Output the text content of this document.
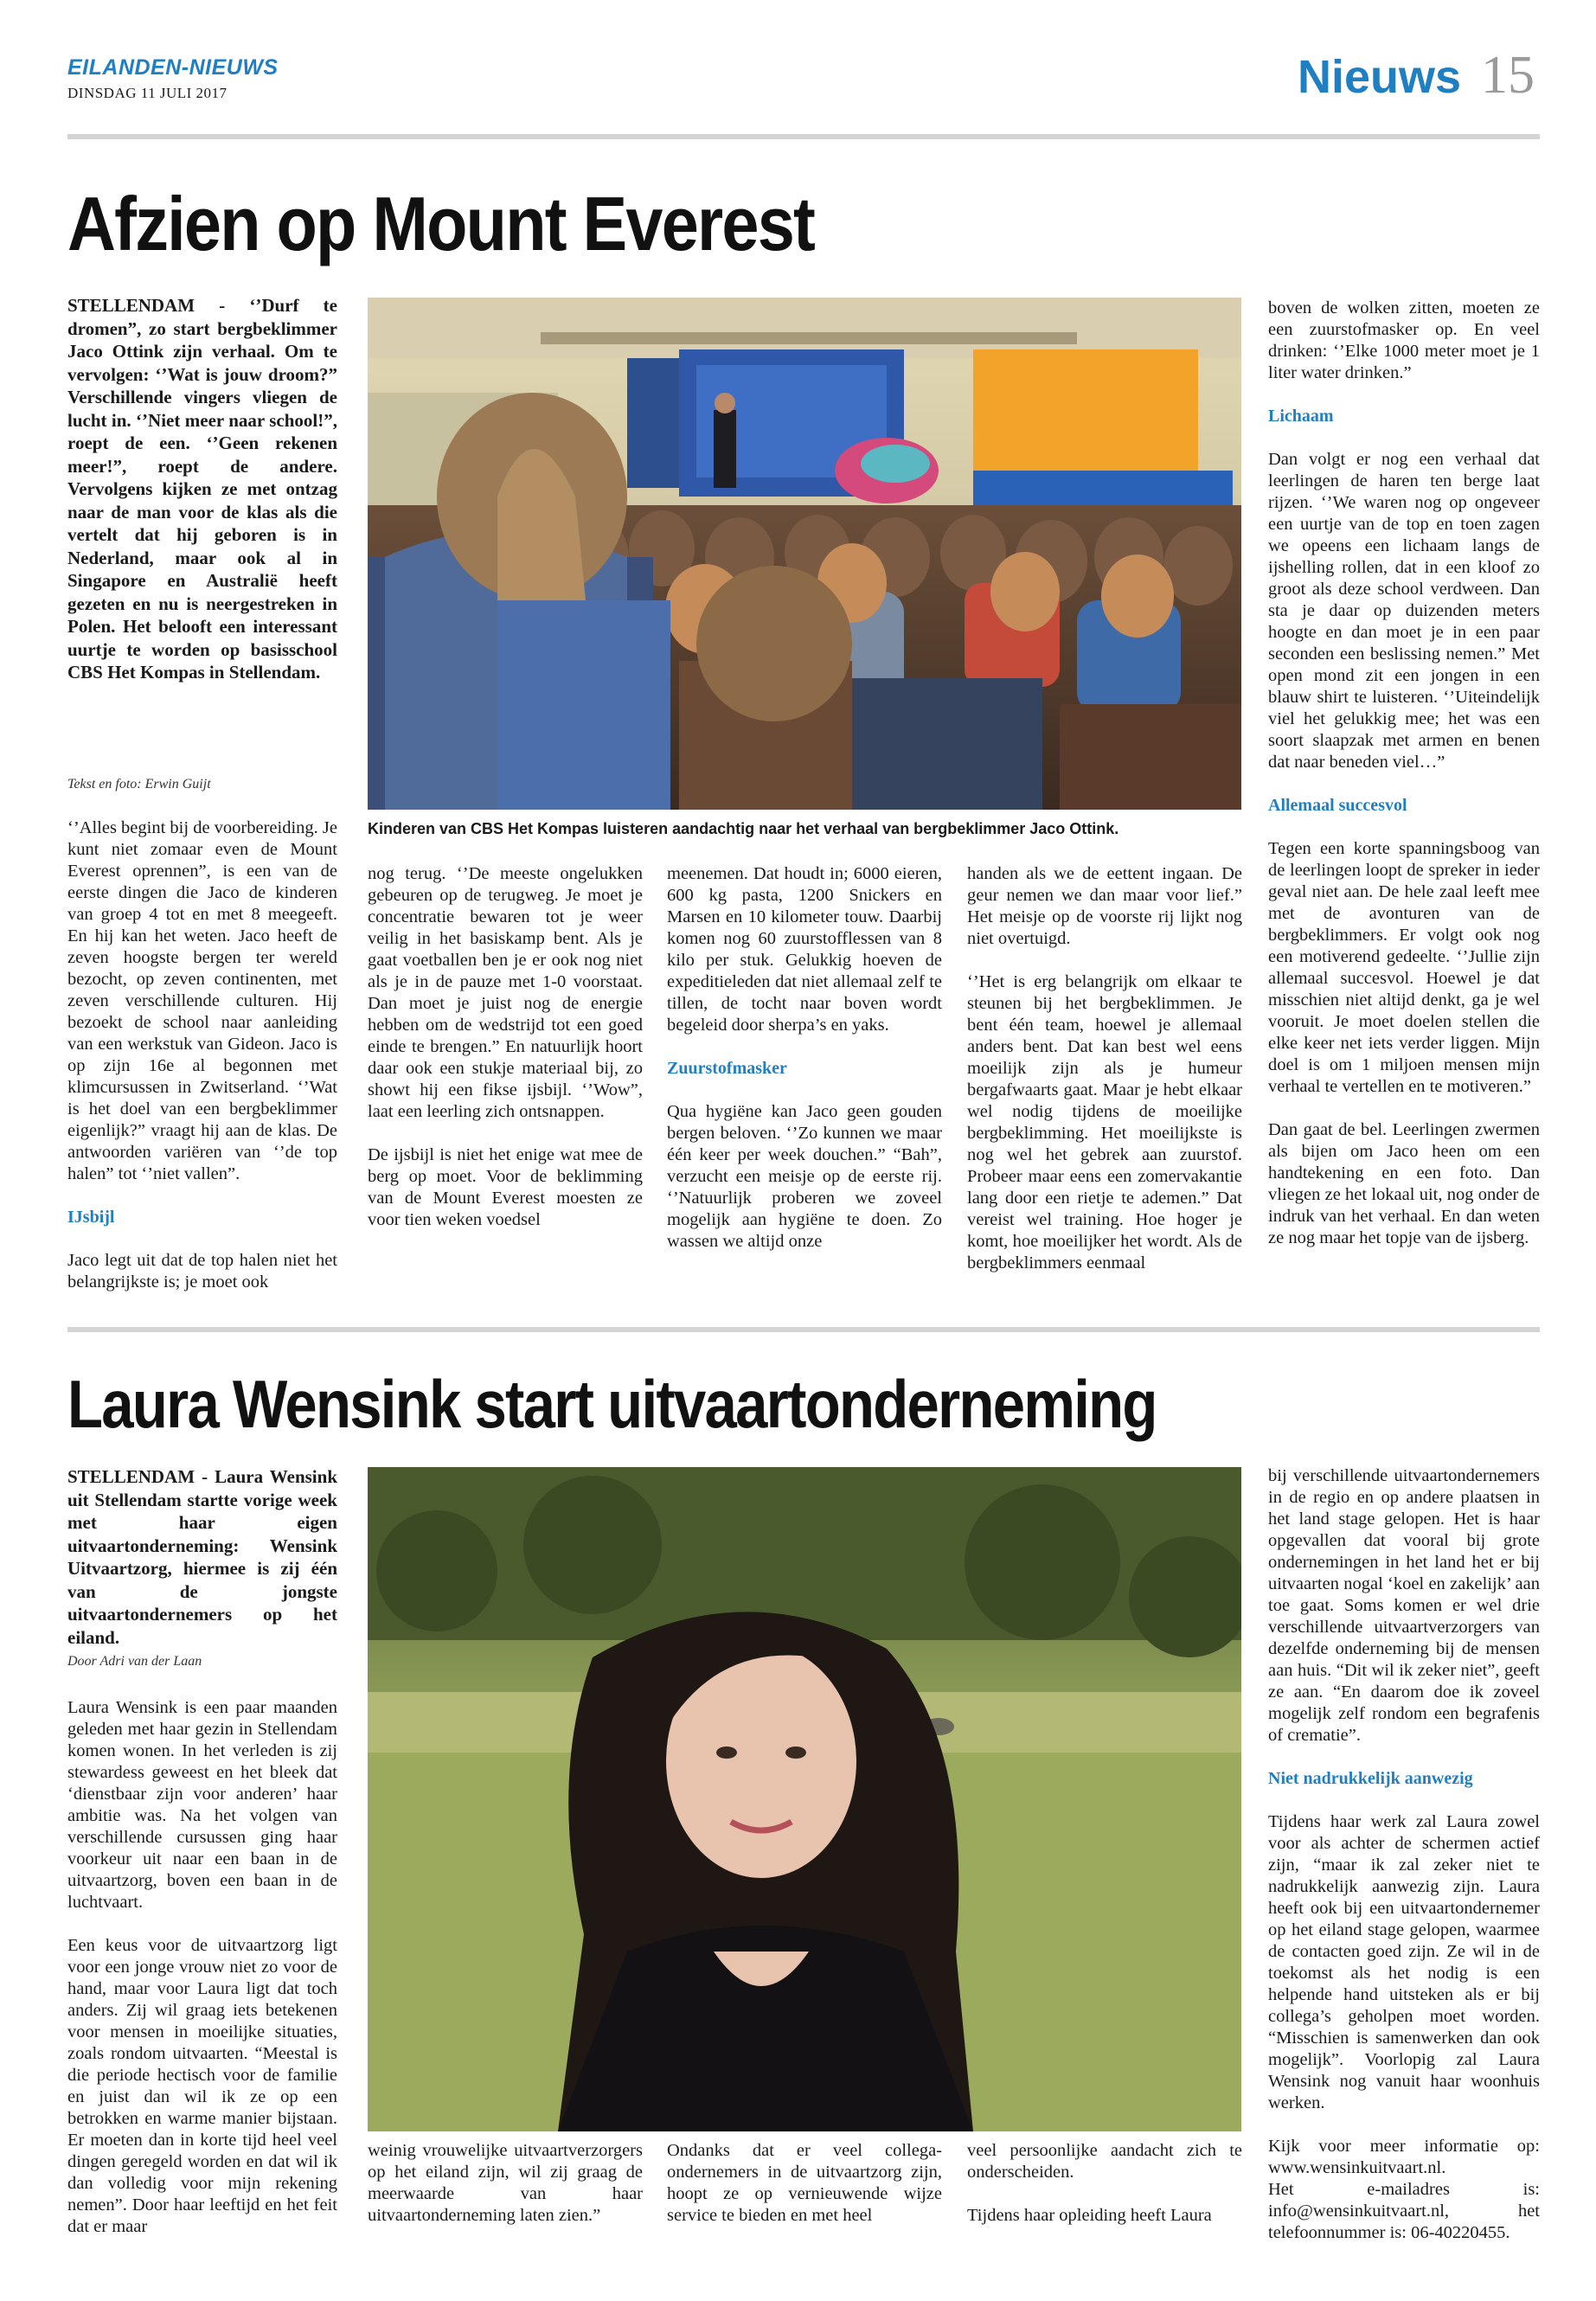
EILANDEN-NIEUWS
DINSDAG 11 JULI 2017	Nieuws 15
Afzien op Mount Everest
STELLENDAM - ‘’Durf te dromen”, zo start bergbeklimmer Jaco Ottink zijn verhaal. Om te vervolgen: ‘’Wat is jouw droom?” Verschillende vingers vliegen de lucht in. ‘’Niet meer naar school!”, roept de een. ‘’Geen rekenen meer!”, roept de andere. Vervolgens kijken ze met ontzag naar de man voor de klas als die vertelt dat hij geboren is in Nederland, maar ook al in Singapore en Australië heeft gezeten en nu is neergestreken in Polen. Het belooft een interessant uurtje te worden op basisschool CBS Het Kompas in Stellendam.
Tekst en foto: Erwin Guijt

‘’Alles begint bij de voorbereiding. Je kunt niet zomaar even de Mount Everest oprennen”, is een van de eerste dingen die Jaco de kinderen van groep 4 tot en met 8 meegeeft. En hij kan het weten. Jaco heeft de zeven hoogste bergen ter wereld bezocht, op zeven continenten, met zeven verschillende culturen. Hij bezoekt de school naar aanleiding van een werkstuk van Gideon. Jaco is op zijn 16e al begonnen met klimcursussen in Zwitserland. ‘’Wat is het doel van een bergbeklimmer eigenlijk?” vraagt hij aan de klas. De antwoorden variëren van ‘’de top halen” tot ‘’niet vallen”.

IJsbijl

Jaco legt uit dat de top halen niet het belangrijkste is; je moet ook

Kinderen van CBS Het Kompas luisteren aandachtig naar het verhaal van bergbeklimmer Jaco Ottink.

nog terug. ‘’De meeste ongelukken gebeuren op de terugweg. Je moet je concentratie bewaren tot je weer veilig in het basiskamp bent. Als je gaat voetballen ben je er ook nog niet als je in de pauze met 1-0 voorstaat. Dan moet je juist nog de energie hebben om de wedstrijd tot een goed einde te brengen.” En natuurlijk hoort daar ook een stukje materiaal bij, zo showt hij een fikse ijsbijl. ‘’Wow”, laat een leerling zich ontsnappen.

De ijsbijl is niet het enige wat mee de berg op moet. Voor de beklimming van de Mount Everest moesten ze voor tien weken voedsel

meenemen. Dat houdt in; 6000 eieren, 600 kg pasta, 1200 Snickers en Marsen en 10 kilometer touw. Daarbij komen nog 60 zuurstofflessen van 8 kilo per stuk. Gelukkig hoeven de expeditieleden dat niet allemaal zelf te tillen, de tocht naar boven wordt begeleid door sherpa’s en yaks.

Zuurstofmasker

Qua hygiëne kan Jaco geen gouden bergen beloven. ‘’Zo kunnen we maar één keer per week douchen.” “Bah”, verzucht een meisje op de eerste rij. ‘’Natuurlijk proberen we zoveel mogelijk aan hygiëne te doen. Zo wassen we altijd onze

handen als we de eettent ingaan. De geur nemen we dan maar voor lief.” Het meisje op de voorste rij lijkt nog niet overtuigd.

‘’Het is erg belangrijk om elkaar te steunen bij het bergbeklimmen. Je bent één team, hoewel je allemaal anders bent. Dat kan best wel eens moeilijk zijn als je humeur bergafwaarts gaat. Maar je hebt elkaar wel nodig tijdens de moeilijke bergbeklimming. Het moeilijkste is nog wel het gebrek aan zuurstof. Probeer maar eens een zomervakantie lang door een rietje te ademen.” Dat vereist wel training. Hoe hoger je komt, hoe moeilijker het wordt. Als de bergbeklimmers eenmaal

boven de wolken zitten, moeten ze een zuurstofmasker op. En veel drinken: ‘’Elke 1000 meter moet je 1 liter water drinken.”

Lichaam

Dan volgt er nog een verhaal dat leerlingen de haren ten berge laat rijzen. ‘’We waren nog op ongeveer een uurtje van de top en toen zagen we opeens een lichaam langs de ijshelling rollen, dat in een kloof zo groot als deze school verdween. Dan sta je daar op duizenden meters hoogte en dan moet je in een paar seconden een beslissing nemen.” Met open mond zit een jongen in een blauw shirt te luisteren. ‘’Uiteindelijk viel het gelukkig mee; het was een soort slaapzak met armen en benen dat naar beneden viel…”

Allemaal succesvol

Tegen een korte spanningsboog van de leerlingen loopt de spreker in ieder geval niet aan. De hele zaal leeft mee met de avonturen van de bergbeklimmers. Er volgt ook nog een motiverend gedeelte. ‘’Jullie zijn allemaal succesvol. Hoewel je dat misschien niet altijd denkt, ga je wel vooruit. Je moet doelen stellen die elke keer net iets verder liggen. Mijn doel is om 1 miljoen mensen mijn verhaal te vertellen en te motiveren.”

Dan gaat de bel. Leerlingen zwermen als bijen om Jaco heen om een handtekening en een foto. Dan vliegen ze het lokaal uit, nog onder de indruk van het verhaal. En dan weten ze nog maar het topje van de ijsberg.

Laura Wensink start uitvaartonderneming
STELLENDAM - Laura Wensink uit Stellendam startte vorige week met haar eigen uitvaartonderneming: Wensink Uitvaartzorg, hiermee is zij één van de jongste uitvaartondernemers op het eiland.
Door Adri van der Laan

Laura Wensink is een paar maanden geleden met haar gezin in Stellendam komen wonen. In het verleden is zij stewardess geweest en het bleek dat ‘dienstbaar zijn voor anderen’ haar ambitie was. Na het volgen van verschillende cursussen ging haar voorkeur uit naar een baan in de uitvaartzorg, boven een baan in de luchtvaart.

Een keus voor de uitvaartzorg ligt voor een jonge vrouw niet zo voor de hand, maar voor Laura ligt dat toch anders. Zij wil graag iets betekenen voor mensen in moeilijke situaties, zoals rondom uitvaarten. “Meestal is die periode hectisch voor de familie en juist dan wil ik ze op een betrokken en warme manier bijstaan. Er moeten dan in korte tijd heel veel dingen geregeld worden en dat wil ik dan volledig voor mijn rekening nemen”. Door haar leeftijd en het feit dat er maar

weinig vrouwelijke uitvaartverzorgers op het eiland zijn, wil zij graag de meerwaarde van haar uitvaartonderneming laten zien.”

Ondanks dat er veel collega-ondernemers in de uitvaartzorg zijn, hoopt ze op vernieuwende wijze service te bieden en met heel

veel persoonlijke aandacht zich te onderscheiden.

Tijdens haar opleiding heeft Laura

bij verschillende uitvaartondernemers in de regio en op andere plaatsen in het land stage gelopen. Het is haar opgevallen dat vooral bij grote ondernemingen in het land het er bij uitvaarten nogal ‘koel en zakelijk’ aan toe gaat. Soms komen er wel drie verschillende uitvaartverzorgers van dezelfde onderneming bij de mensen aan huis. “Dit wil ik zeker niet”, geeft ze aan. “En daarom doe ik zoveel mogelijk zelf rondom een begrafenis of crematie”.

Niet nadrukkelijk aanwezig

Tijdens haar werk zal Laura zowel voor als achter de schermen actief zijn, “maar ik zal zeker niet te nadrukkelijk aanwezig zijn. Laura heeft ook bij een uitvaartondernemer op het eiland stage gelopen, waarmee de contacten goed zijn. Ze wil in de toekomst als het nodig is een helpende hand uitsteken als er bij collega’s geholpen moet worden. “Misschien is samenwerken dan ook mogelijk”. Voorlopig zal Laura Wensink nog vanuit haar woonhuis werken.

Kijk voor meer informatie op: www.wensinkuitvaart.nl.

Het e-mailadres is: info@wensinkuitvaart.nl, het telefoonnummer is: 06-40220455.
